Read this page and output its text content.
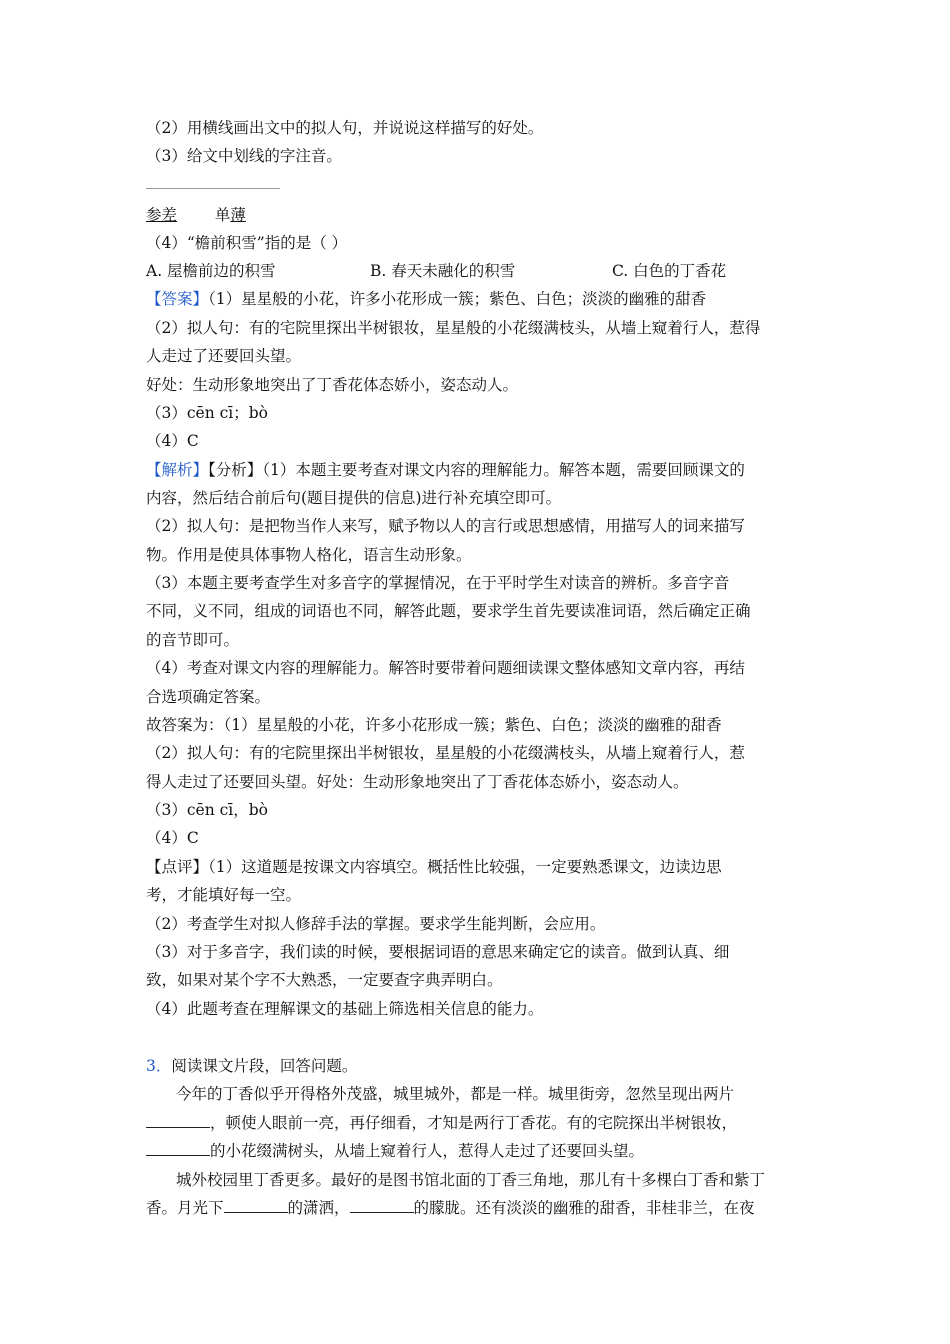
（2）用横线画出文中的拟人句，并说说这样描写的好处。
（3）给文中划线的字注音。
参差 单薄
（4）“檐前积雪”指的是（ ）
A. 屋檐前边的积雪	B. 春天未融化的积雪	C. 白色的丁香花
【答案】（1）星星般的小花，许多小花形成一簇；紫色、白色；淡淡的幽雅的甜香
（2）拟人句：有的宅院里探出半树银妆，星星般的小花缀满枝头，从墙上窥着行人，惹得
人走过了还要回头望。
好处：生动形象地突出了丁香花体态娇小，姿态动人。
（3）cēn cī；bò
（4）C
【解析】【分析】（1）本题主要考查对课文内容的理解能力。解答本题，需要回顾课文的
内容，然后结合前后句(题目提供的信息)进行补充填空即可。
（2）拟人句：是把物当作人来写，赋予物以人的言行或思想感情，用描写人的词来描写
物。作用是使具体事物人格化，语言生动形象。
（3）本题主要考查学生对多音字的掌握情况，在于平时学生对读音的辨析。多音字音
不同，义不同，组成的词语也不同，解答此题，要求学生首先要读准词语，然后确定正确
的音节即可。
（4）考查对课文内容的理解能力。解答时要带着问题细读课文整体感知文章内容，再结
合选项确定答案。
故答案为：（1）星星般的小花，许多小花形成一簇；紫色、白色；淡淡的幽雅的甜香
（2）拟人句：有的宅院里探出半树银妆，星星般的小花缀满枝头，从墙上窥着行人，惹
得人走过了还要回头望。好处：生动形象地突出了丁香花体态娇小，姿态动人。
（3）cēn cī，bò
（4）C
【点评】（1）这道题是按课文内容填空。概括性比较强，一定要熟悉课文，边读边思
考，才能填好每一空。
（2）考查学生对拟人修辞手法的掌握。要求学生能判断，会应用。
（3）对于多音字，我们读的时候，要根据词语的意思来确定它的读音。做到认真、细
致，如果对某个字不大熟悉，一定要查字典弄明白。
（4）此题考查在理解课文的基础上筛选相关信息的能力。
3．阅读课文片段，回答问题。
今年的丁香似乎开得格外茂盛，城里城外，都是一样。城里街旁，忽然呈现出两片
，顿使人眼前一亮，再仔细看，才知是两行丁香花。有的宅院探出半树银妆，
的小花缀满树头，从墙上窥着行人，惹得人走过了还要回头望。
城外校园里丁香更多。最好的是图书馆北面的丁香三角地，那儿有十多棵白丁香和紫丁
香。月光下	的潇洒，	的朦胧。还有淡淡的幽雅的甜香，非桂非兰，在夜
